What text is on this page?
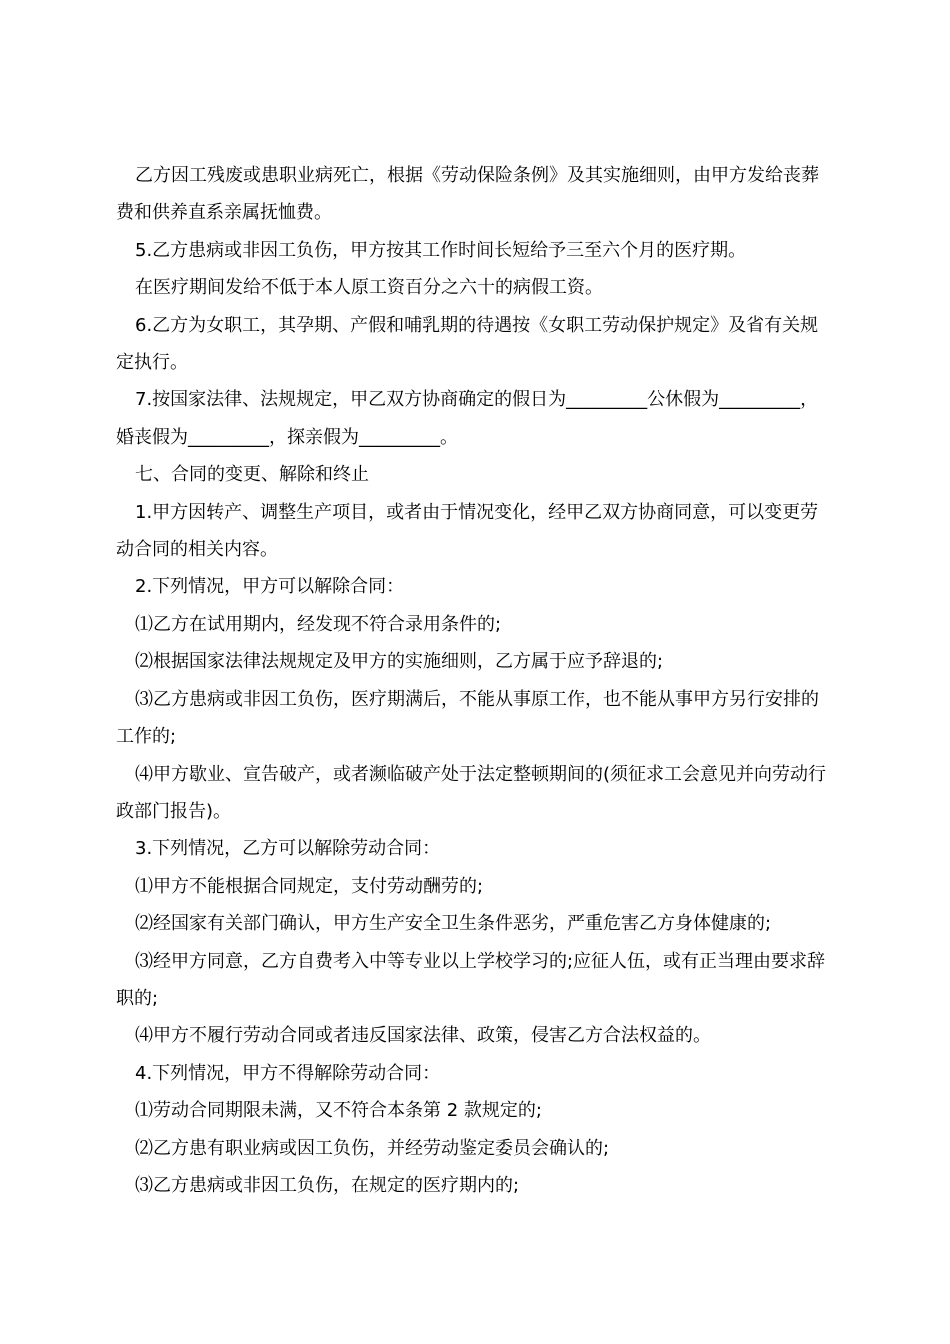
乙方因工残废或患职业病死亡，根据《劳动保险条例》及其实施细则，由甲方发给丧葬费和供养直系亲属抚恤费。

5.乙方患病或非因工负伤，甲方按其工作时间长短给予三至六个月的医疗期。

在医疗期间发给不低于本人原工资百分之六十的病假工资。

6.乙方为女职工，其孕期、产假和哺乳期的待遇按《女职工劳动保护规定》及省有关规定执行。

7.按国家法律、法规规定，甲乙双方协商确定的假日为_________公休假为_________，婚丧假为_________，探亲假为_________。

七、合同的变更、解除和终止

1.甲方因转产、调整生产项目，或者由于情况变化，经甲乙双方协商同意，可以变更劳动合同的相关内容。

2.下列情况，甲方可以解除合同：

⑴乙方在试用期内，经发现不符合录用条件的;

⑵根据国家法律法规规定及甲方的实施细则，乙方属于应予辞退的;

⑶乙方患病或非因工负伤，医疗期满后，不能从事原工作，也不能从事甲方另行安排的工作的;

⑷甲方歇业、宣告破产，或者濒临破产处于法定整顿期间的(须征求工会意见并向劳动行政部门报告)。

3.下列情况，乙方可以解除劳动合同：

⑴甲方不能根据合同规定，支付劳动酬劳的;

⑵经国家有关部门确认，甲方生产安全卫生条件恶劣，严重危害乙方身体健康的;

⑶经甲方同意，乙方自费考入中等专业以上学校学习的;应征人伍，或有正当理由要求辞职的;

⑷甲方不履行劳动合同或者违反国家法律、政策，侵害乙方合法权益的。

4.下列情况，甲方不得解除劳动合同：

⑴劳动合同期限未满，又不符合本条第 2 款规定的;

⑵乙方患有职业病或因工负伤，并经劳动鉴定委员会确认的;

⑶乙方患病或非因工负伤，在规定的医疗期内的;
